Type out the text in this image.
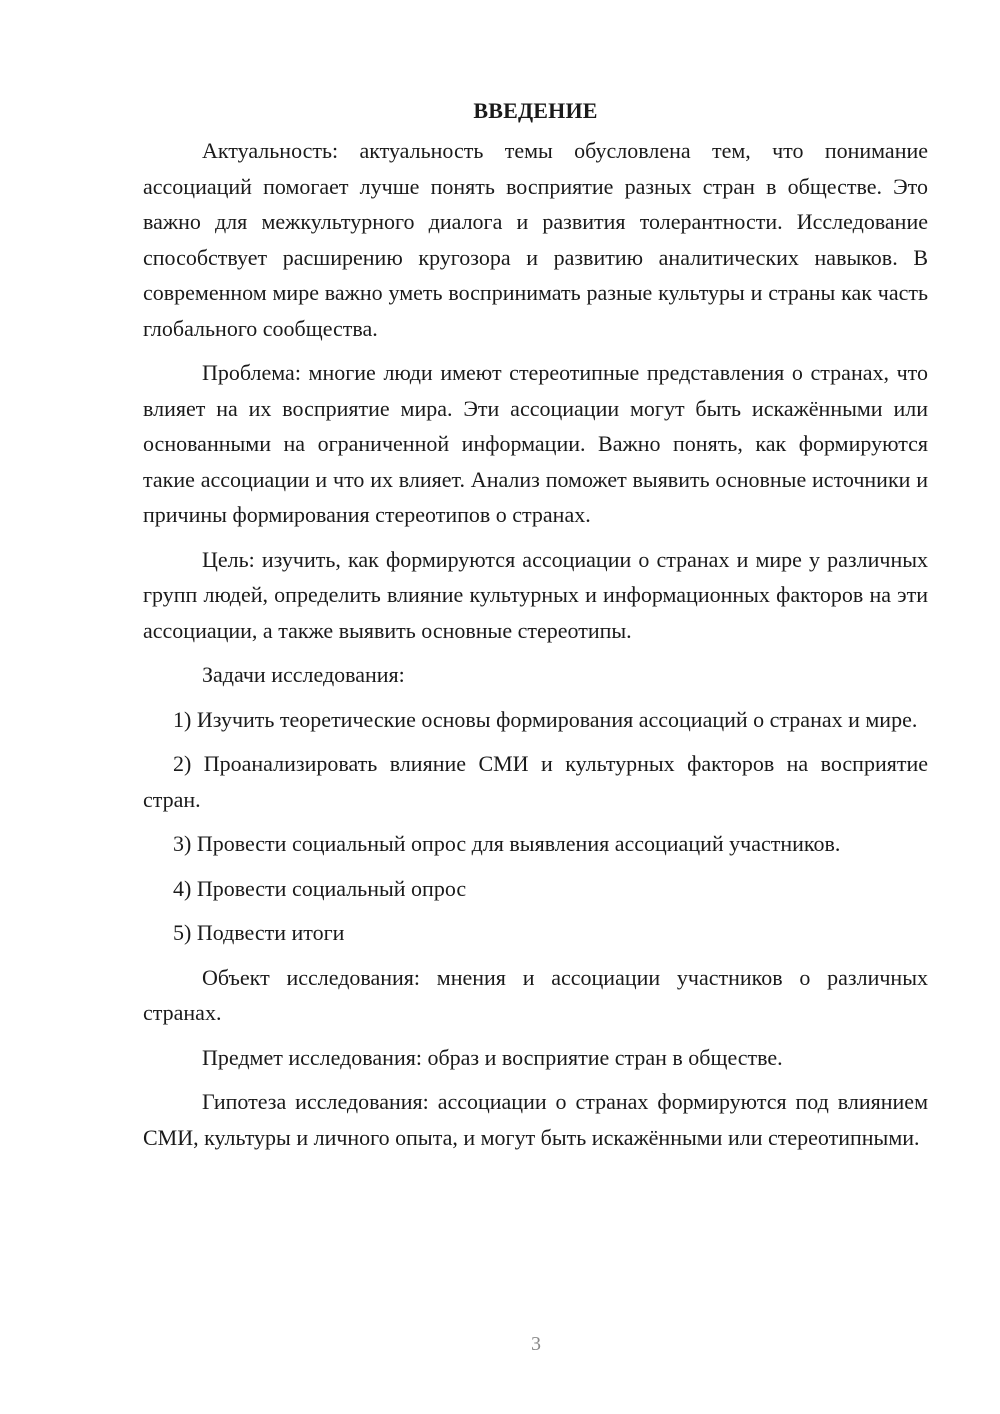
ВВЕДЕНИЕ

Актуальность: актуальность темы обусловлена тем, что понимание ассоциаций помогает лучше понять восприятие разных стран в обществе. Это важно для межкультурного диалога и развития толерантности. Исследование способствует расширению кругозора и развитию аналитических навыков. В современном мире важно уметь воспринимать разные культуры и страны как часть глобального сообщества.

Проблема: многие люди имеют стереотипные представления о странах, что влияет на их восприятие мира. Эти ассоциации могут быть искажёнными или основанными на ограниченной информации. Важно понять, как формируются такие ассоциации и что их влияет. Анализ поможет выявить основные источники и причины формирования стереотипов о странах.

Цель: изучить, как формируются ассоциации о странах и мире у различных групп людей, определить влияние культурных и информационных факторов на эти ассоциации, а также выявить основные стереотипы.

Задачи исследования:

1) Изучить теоретические основы формирования ассоциаций о странах и мире.

2) Проанализировать влияние СМИ и культурных факторов на восприятие стран.

3) Провести социальный опрос для выявления ассоциаций участников.

4) Провести социальный опрос

5) Подвести итоги

Объект исследования: мнения и ассоциации участников о различных странах.

Предмет исследования: образ и восприятие стран в обществе.

Гипотеза исследования: ассоциации о странах формируются под влиянием СМИ, культуры и личного опыта, и могут быть искажёнными или стереотипными.

3
